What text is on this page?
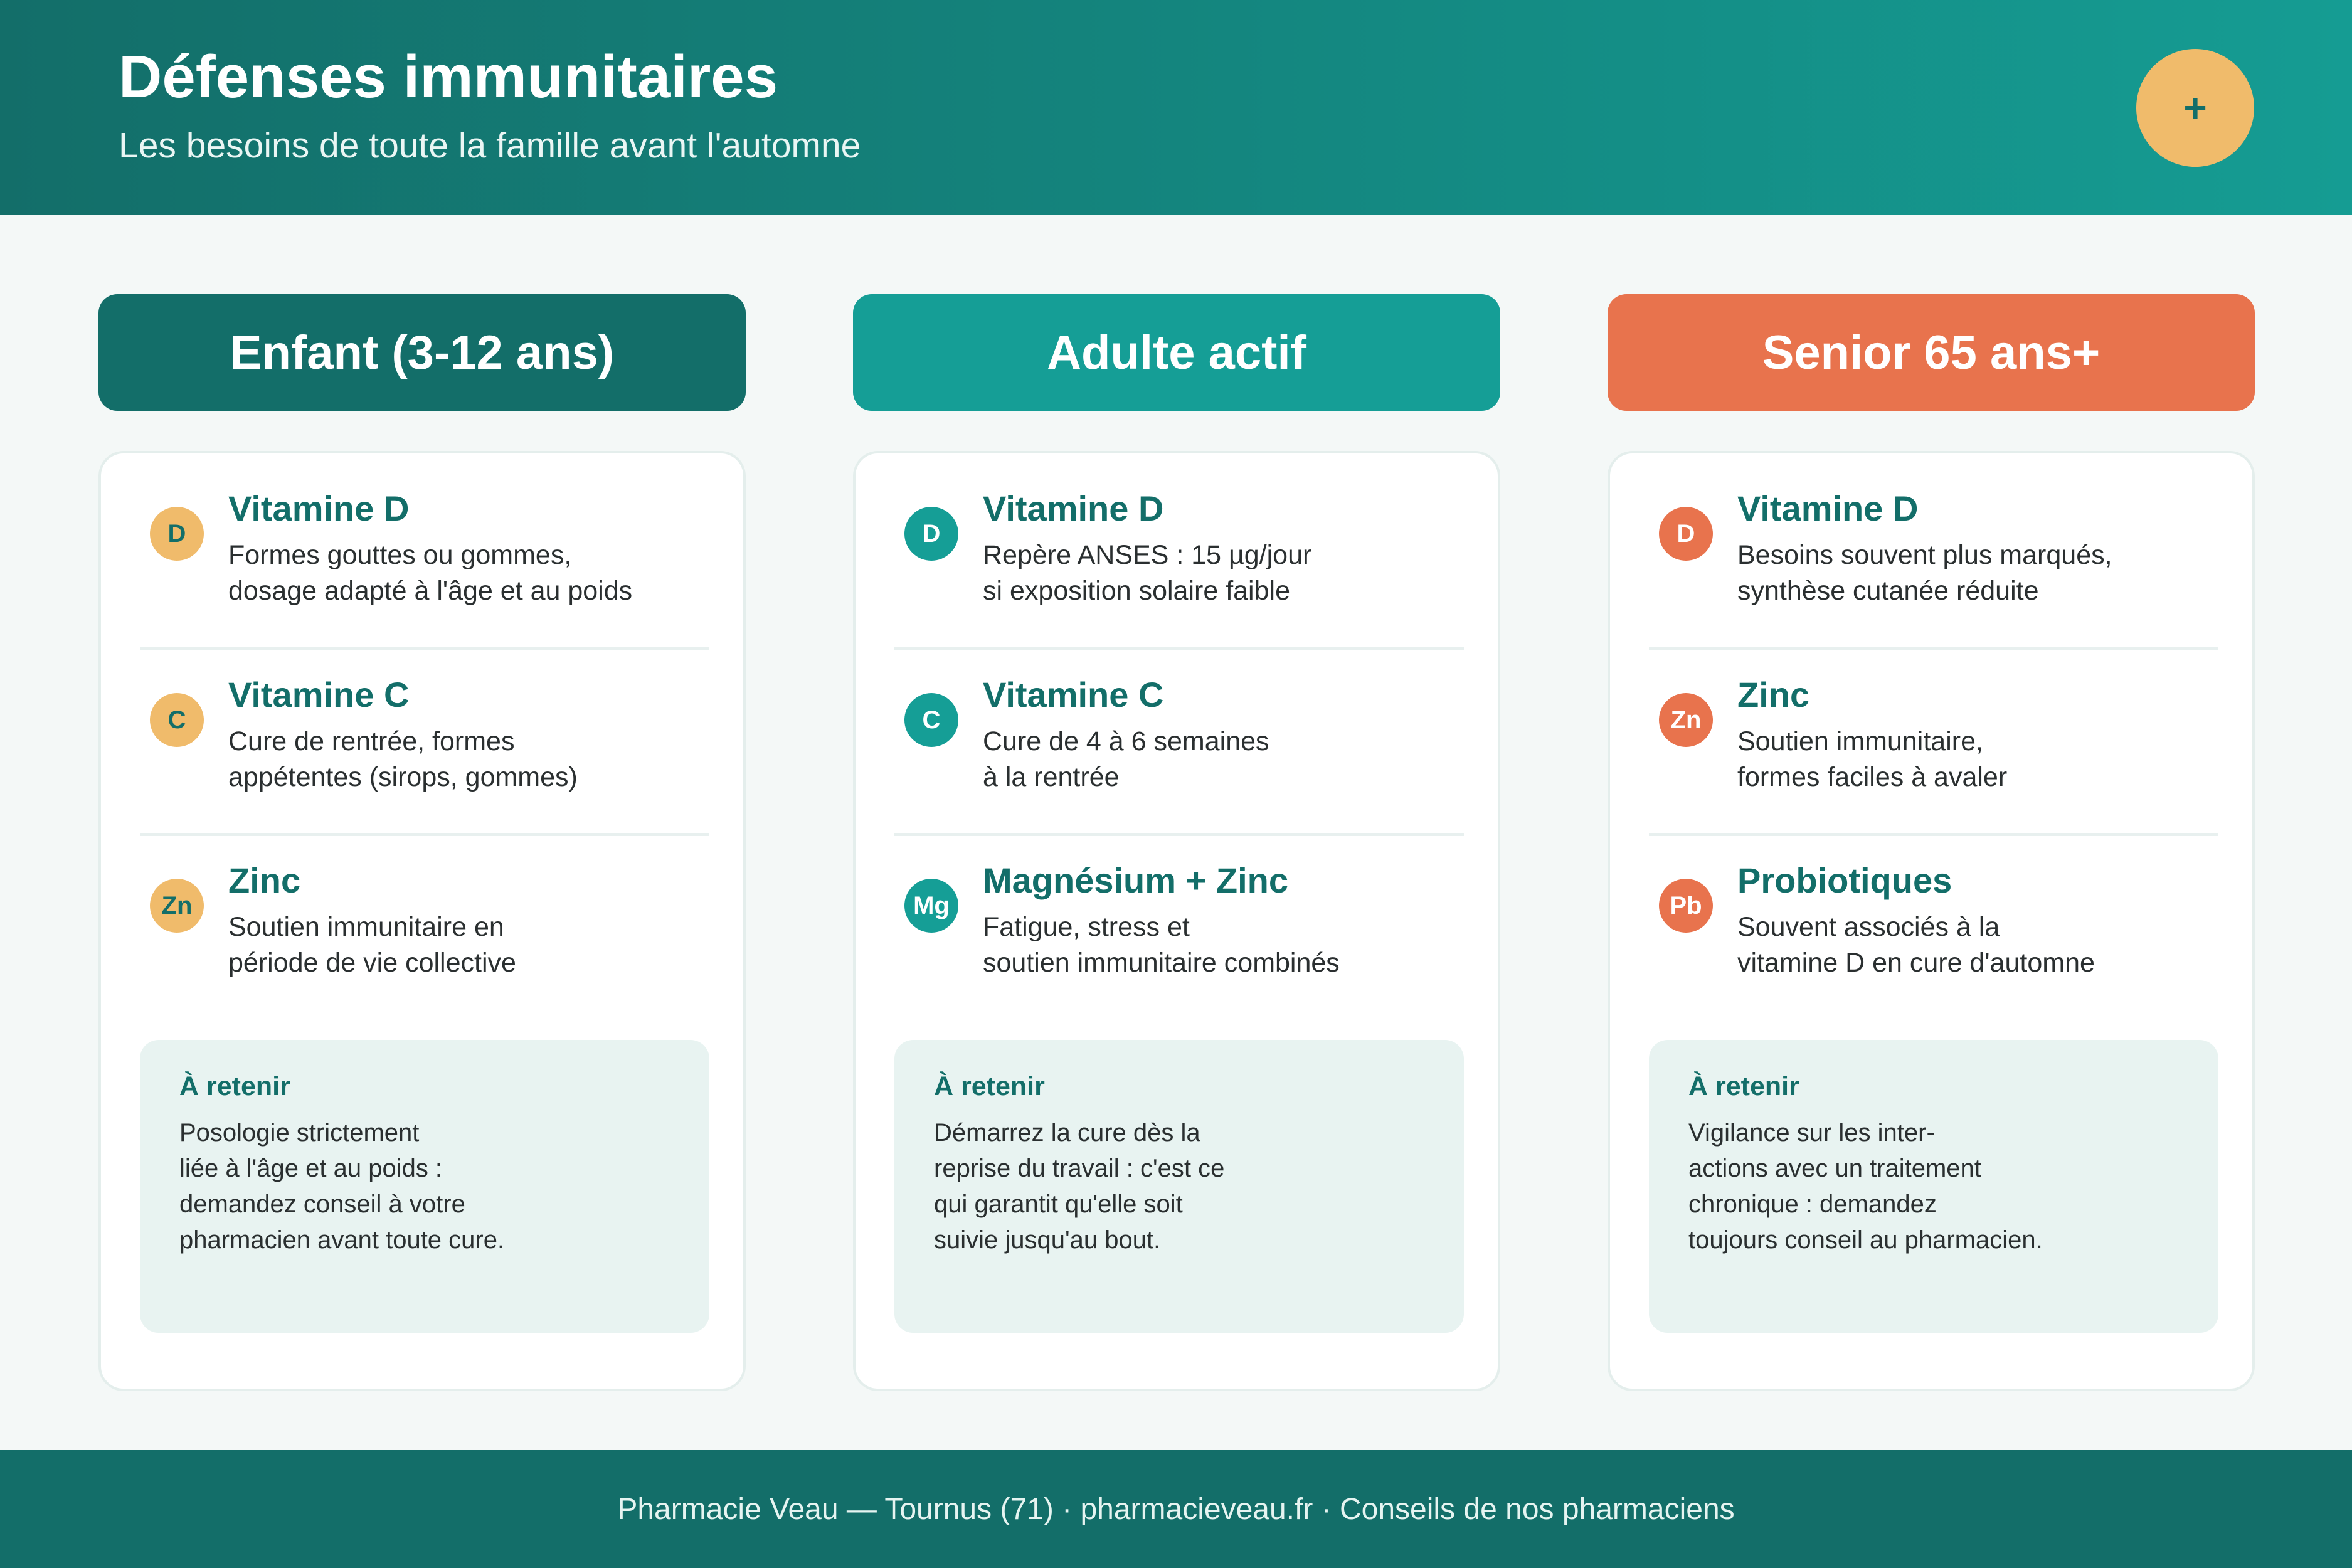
Défenses immunitaires
Les besoins de toute la famille avant l'automne
+
Enfant (3-12 ans)
D
Vitamine D
Formes gouttes ou gommes,
dosage adapté à l'âge et au poids
C
Vitamine C
Cure de rentrée, formes
appétentes (sirops, gommes)
Zn
Zinc
Soutien immunitaire en
période de vie collective
À retenir
Posologie strictement
liée à l'âge et au poids :
demandez conseil à votre
pharmacien avant toute cure.
Adulte actif
D
Vitamine D
Repère ANSES : 15 µg/jour
si exposition solaire faible
C
Vitamine C
Cure de 4 à 6 semaines
à la rentrée
Mg
Magnésium + Zinc
Fatigue, stress et
soutien immunitaire combinés
À retenir
Démarrez la cure dès la
reprise du travail : c'est ce
qui garantit qu'elle soit
suivie jusqu'au bout.
Senior 65 ans+
D
Vitamine D
Besoins souvent plus marqués,
synthèse cutanée réduite
Zn
Zinc
Soutien immunitaire,
formes faciles à avaler
Pb
Probiotiques
Souvent associés à la
vitamine D en cure d'automne
À retenir
Vigilance sur les inter-
actions avec un traitement
chronique : demandez
toujours conseil au pharmacien.
Pharmacie Veau — Tournus (71) · pharmacieveau.fr · Conseils de nos pharmaciens
